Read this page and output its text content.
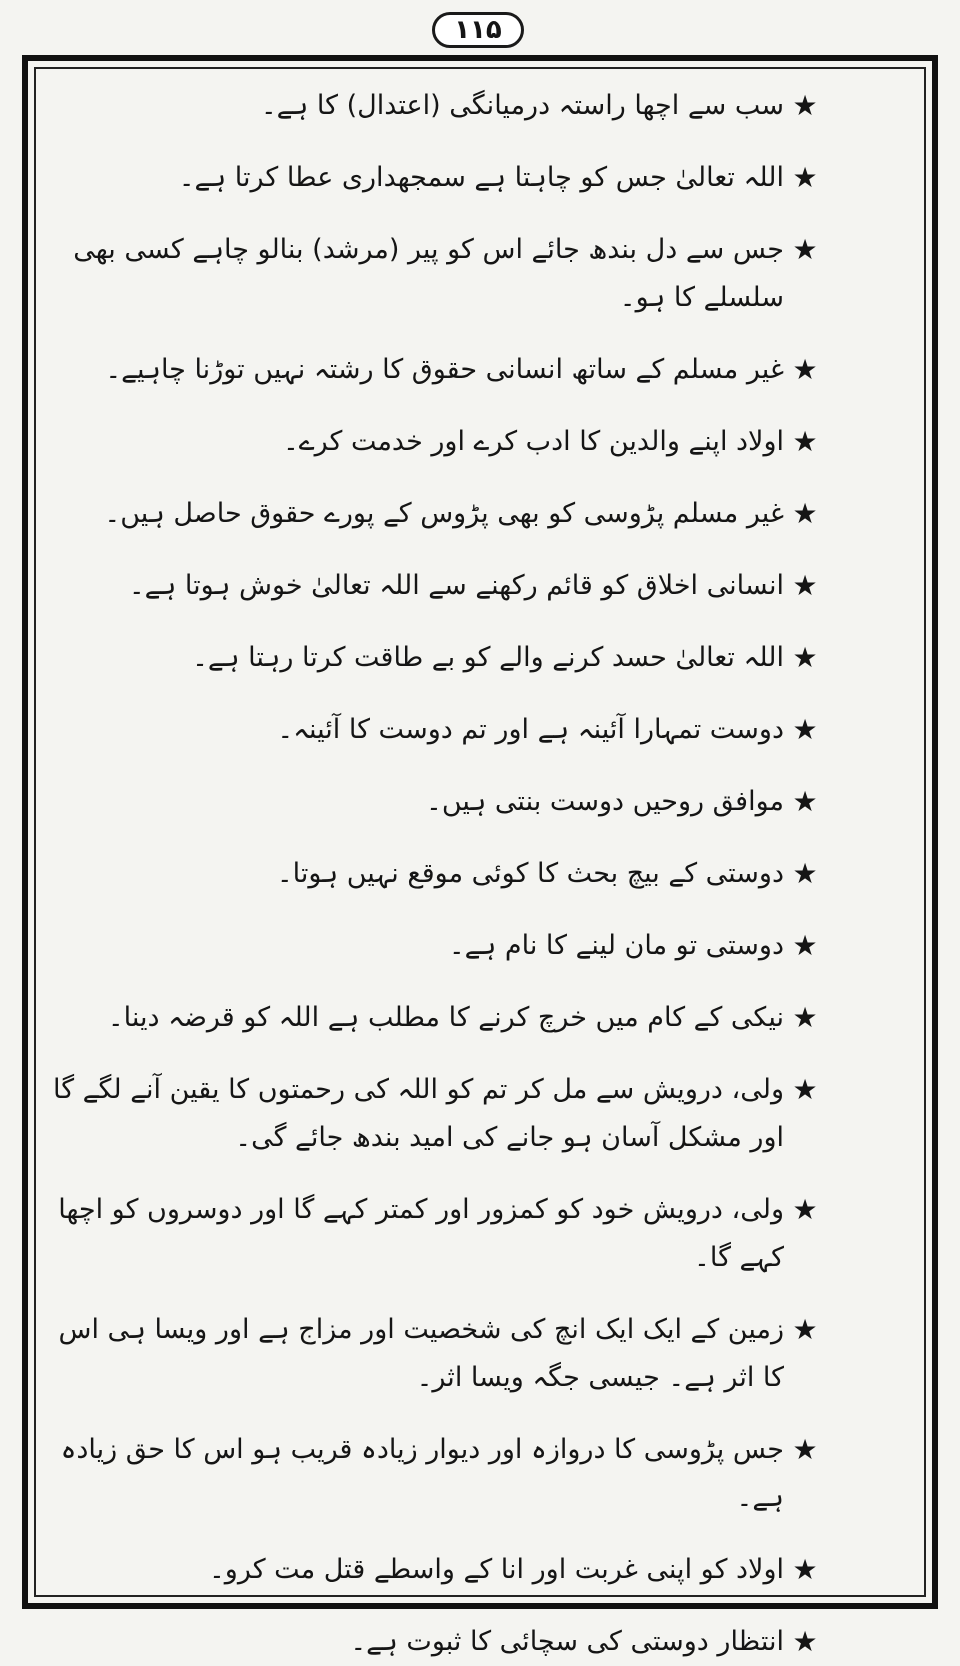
۱۱۵
★
سب سے اچھا راستہ درمیانگی (اعتدال) کا ہے۔
★
اللہ تعالیٰ جس کو چاہتا ہے سمجھداری عطا کرتا ہے۔
★
جس سے دل بندھ جائے اس کو پیر (مرشد) بنالو چاہے کسی بھی سلسلے کا ہو۔
★
غیر مسلم کے ساتھ انسانی حقوق کا رشتہ نہیں توڑنا چاہیے۔
★
اولاد اپنے والدین کا ادب کرے اور خدمت کرے۔
★
غیر مسلم پڑوسی کو بھی پڑوس کے پورے حقوق حاصل ہیں۔
★
انسانی اخلاق کو قائم رکھنے سے اللہ تعالیٰ خوش ہوتا ہے۔
★
اللہ تعالیٰ حسد کرنے والے کو بے طاقت کرتا رہتا ہے۔
★
دوست تمہارا آئینہ ہے اور تم دوست کا آئینہ۔
★
موافق روحیں دوست بنتی ہیں۔
★
دوستی کے بیچ بحث کا کوئی موقع نہیں ہوتا۔
★
دوستی تو مان لینے کا نام ہے۔
★
نیکی کے کام میں خرچ کرنے کا مطلب ہے اللہ کو قرضہ دینا۔
★
ولی، درویش سے مل کر تم کو اللہ کی رحمتوں کا یقین آنے لگے گا اور مشکل آسان ہو جانے کی امید بندھ جائے گی۔
★
ولی، درویش خود کو کمزور اور کمتر کہے گا اور دوسروں کو اچھا کہے گا۔
★
زمین کے ایک ایک انچ کی شخصیت اور مزاج ہے اور ویسا ہی اس کا اثر ہے۔ جیسی جگہ ویسا اثر۔
★
جس پڑوسی کا دروازہ اور دیوار زیادہ قریب ہو اس کا حق زیادہ ہے۔
★
اولاد کو اپنی غربت اور انا کے واسطے قتل مت کرو۔
★
انتظار دوستی کی سچائی کا ثبوت ہے۔
